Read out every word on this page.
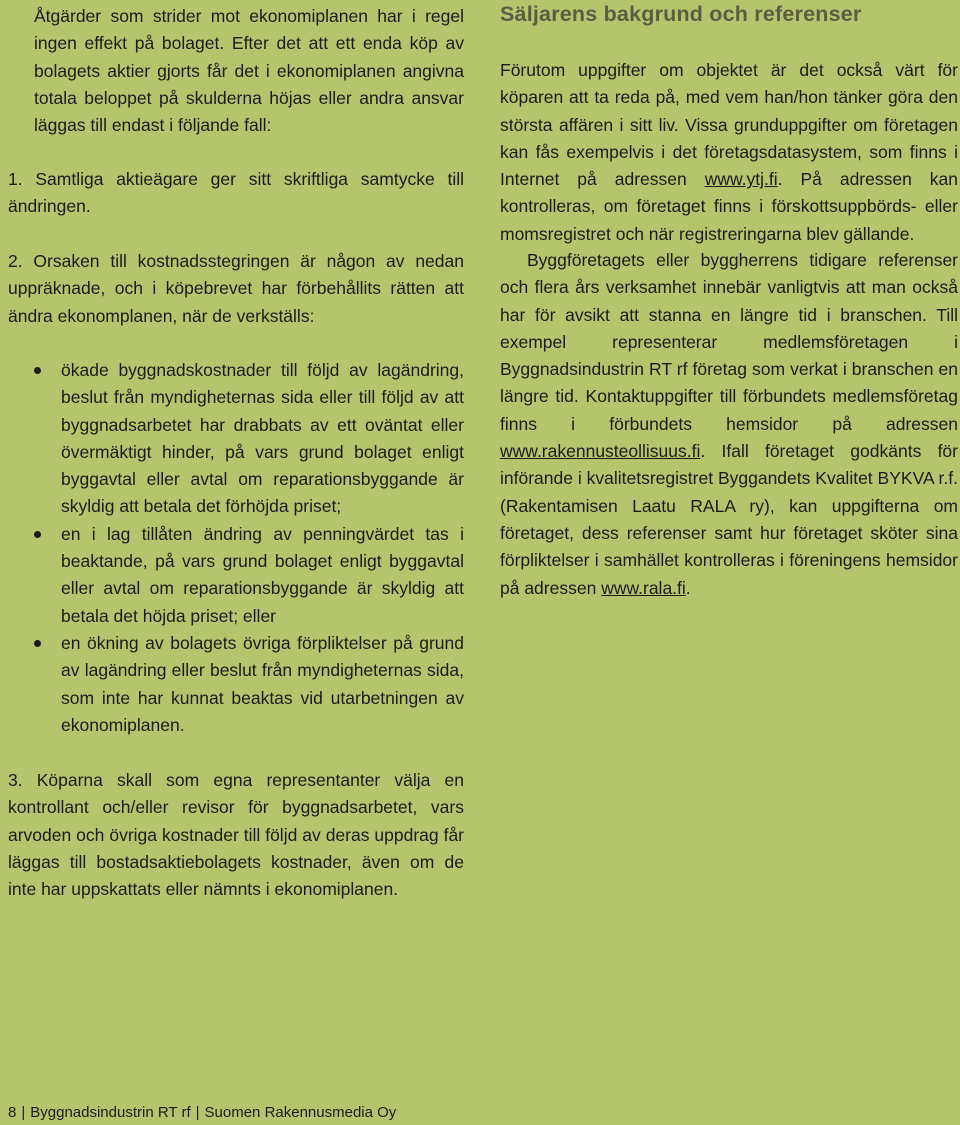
Åtgärder som strider mot ekonomiplanen har i regel ingen effekt på bolaget. Efter det att ett enda köp av bolagets aktier gjorts får det i ekonomiplanen angivna totala beloppet på skulderna höjas eller andra ansvar läggas till endast i följande fall:

1. Samtliga aktieägare ger sitt skriftliga samtycke till ändringen.

2. Orsaken till kostnadsstegringen är någon av nedan uppräknade, och i köpebrevet har förbehållits rätten att ändra ekonomplanen, när de verkställs:

ökade byggnadskostnader till följd av lagändring, beslut från myndigheternas sida eller till följd av att byggnadsarbetet har drabbats av ett oväntat eller övermäktigt hinder, på vars grund bolaget enligt byggavtal eller avtal om reparationsbyggande är skyldig att betala det förhöjda priset;
en i lag tillåten ändring av penningvärdet tas i beaktande, på vars grund bolaget enligt byggavtal eller avtal om reparationsbyggande är skyldig att betala det höjda priset; eller
en ökning av bolagets övriga förpliktelser på grund av lagändring eller beslut från myndigheternas sida, som inte har kunnat beaktas vid utarbetningen av ekonomiplanen.

3. Köparna skall som egna representanter välja en kontrollant och/eller revisor för byggnadsarbetet, vars arvoden och övriga kostnader till följd av deras uppdrag får läggas till bostadsaktiebolagets kostnader, även om de inte har uppskattats eller nämnts i ekonomiplanen.

Säljarens bakgrund och referenser

Förutom uppgifter om objektet är det också värt för köparen att ta reda på, med vem han/hon tänker göra den största affären i sitt liv. Vissa grunduppgifter om företagen kan fås exempelvis i det företagsdatasystem, som finns i Internet på adressen www.ytj.fi. På adressen kan kontrolleras, om företaget finns i förskottsuppbörds- eller momsregistret och när registreringarna blev gällande.

Byggföretagets eller byggherrens tidigare referenser och flera års verksamhet innebär vanligtvis att man också har för avsikt att stanna en längre tid i branschen. Till exempel representerar medlemsföretagen i Byggnadsindustrin RT rf företag som verkat i branschen en längre tid. Kontaktuppgifter till förbundets medlemsföretag finns i förbundets hemsidor på adressen www.rakennusteollisuus.fi. Ifall företaget godkänts för införande i kvalitetsregistret Byggandets Kvalitet BYKVA r.f. (Rakentamisen Laatu RALA ry), kan uppgifterna om företaget, dess referenser samt hur företaget sköter sina förpliktelser i samhället kontrolleras i föreningens hemsidor på adressen www.rala.fi.

8 | Byggnadsindustrin RT rf | Suomen Rakennusmedia Oy
